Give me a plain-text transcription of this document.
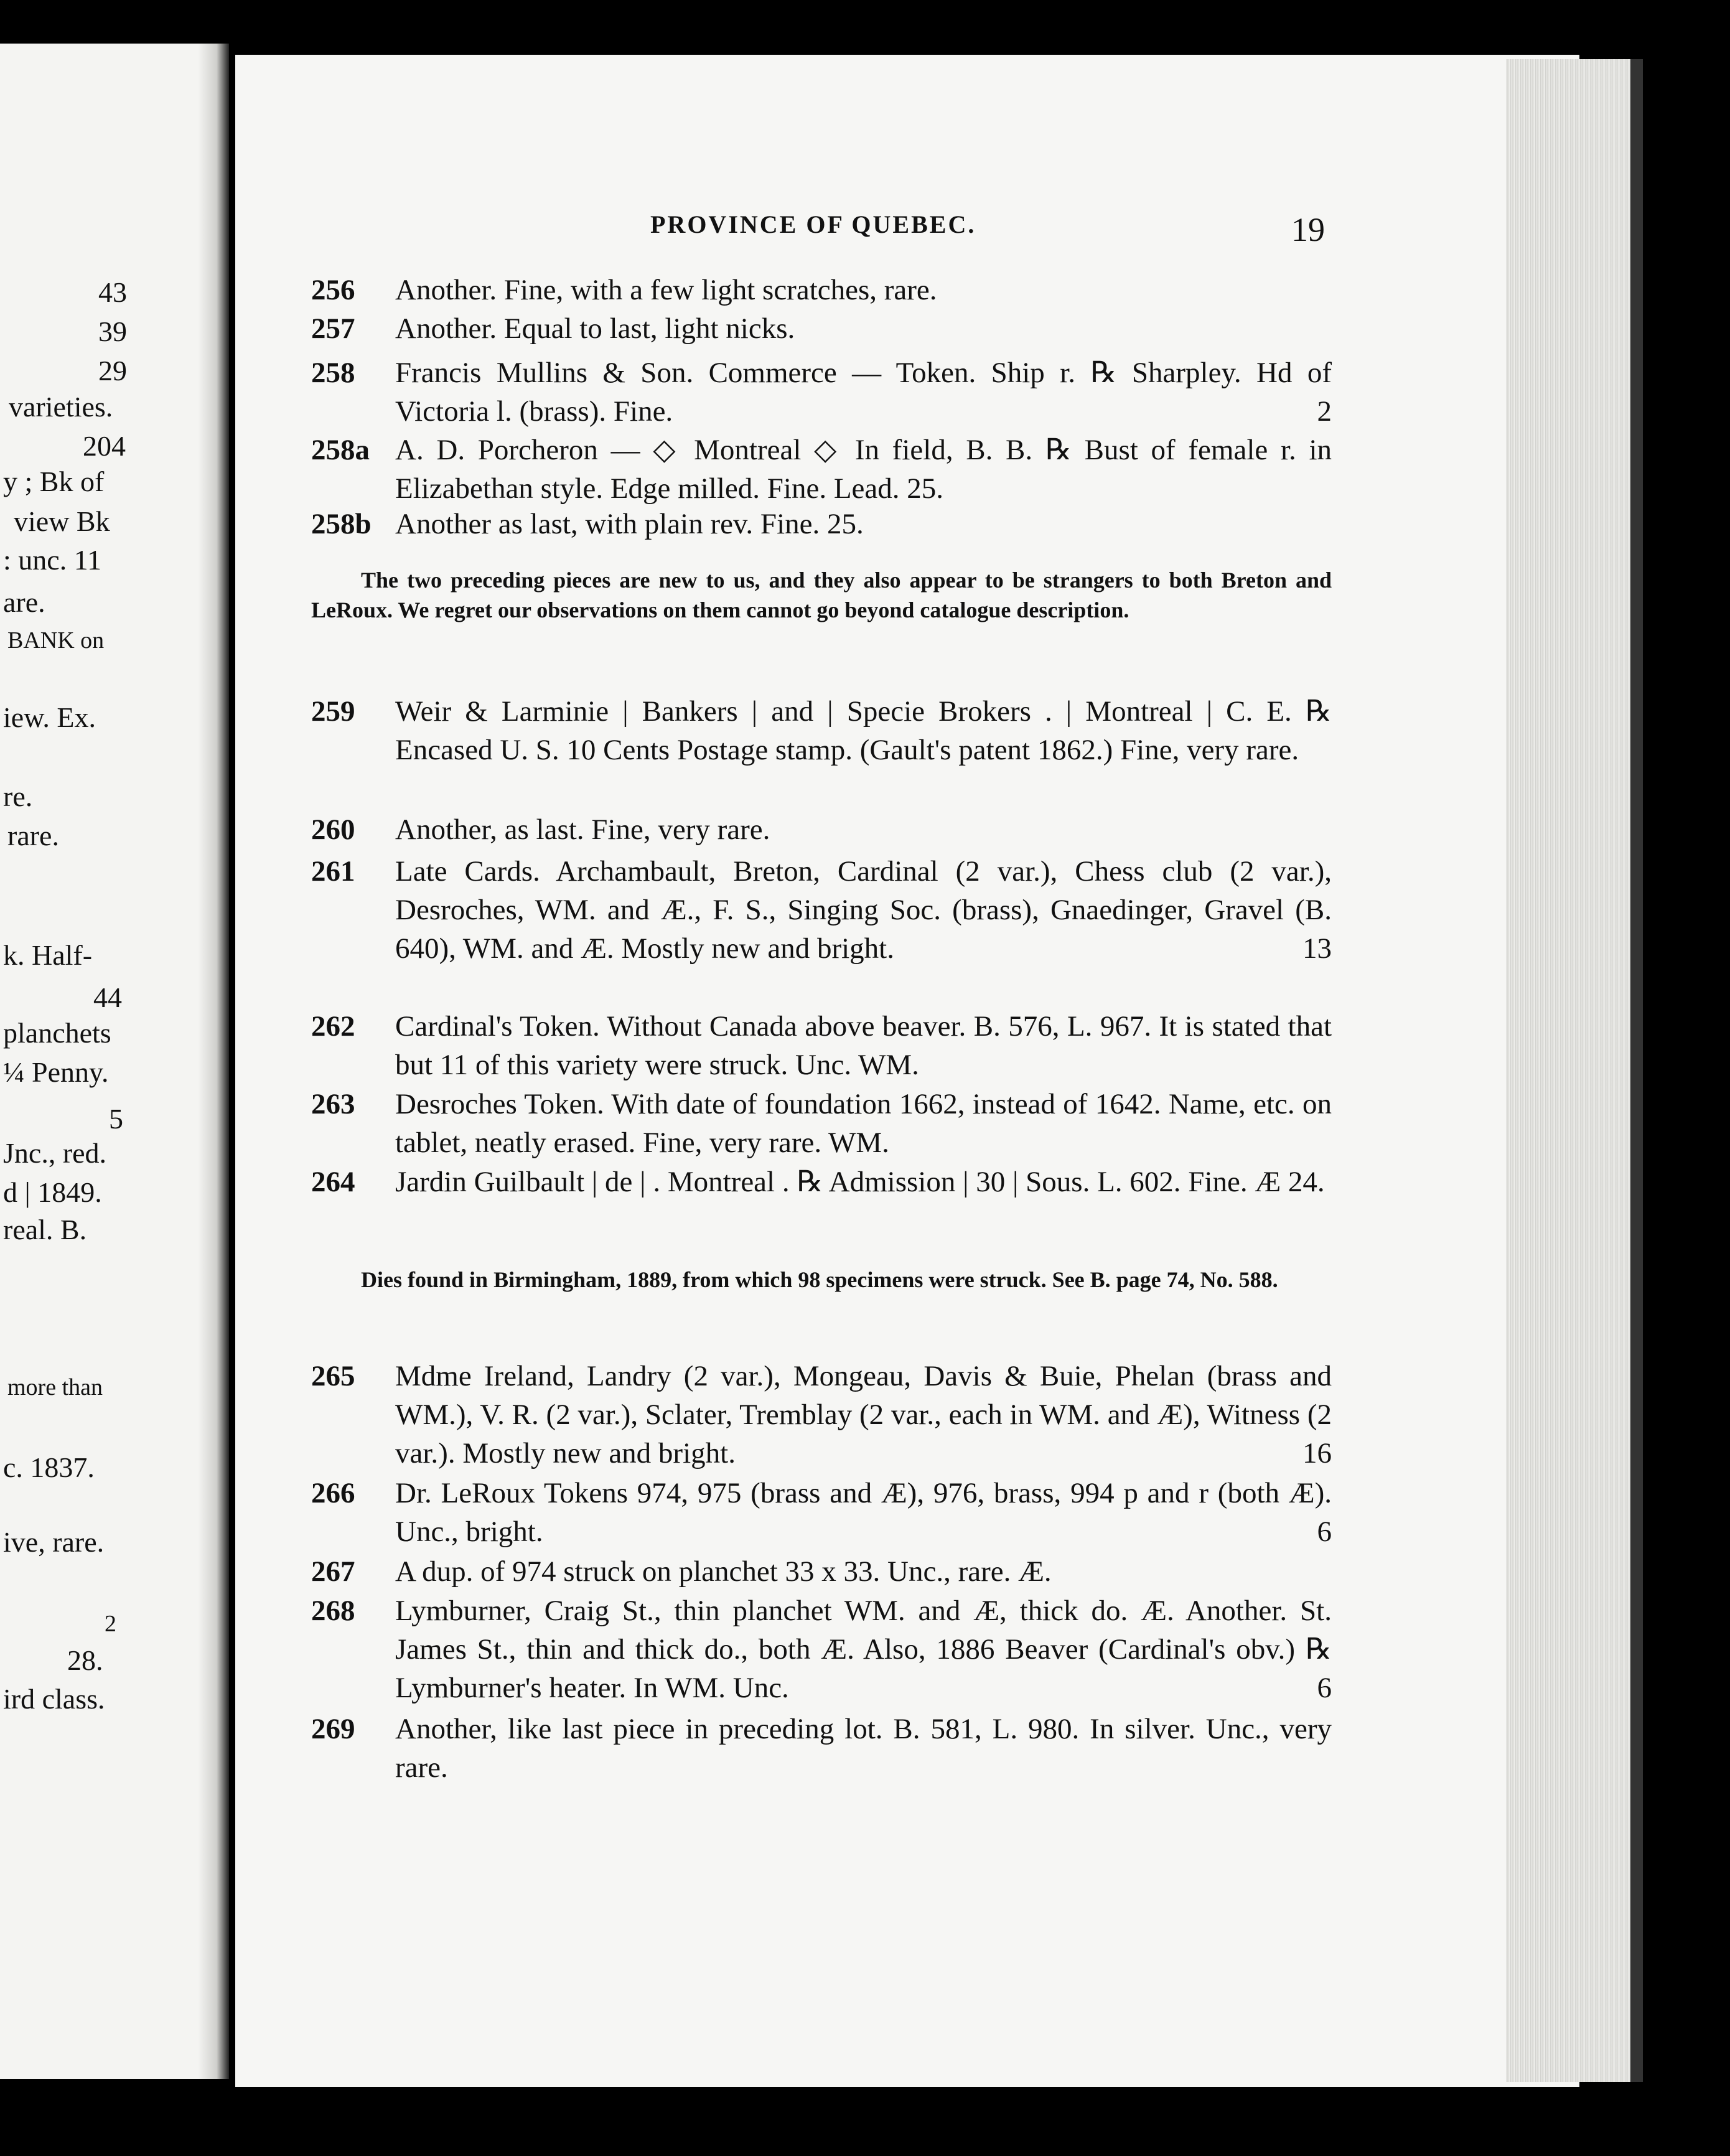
43
39
29
varieties.
204
y ; Bk of
view Bk
: unc. 11
are.
BANK on
iew. Ex.
re.
rare.
k. Half-
44
planchets
¼ Penny.
5
Jnc., red.
d | 1849.
real. B.
more than
c. 1837.
ive, rare.
2
28.
ird class.
PROVINCE OF QUEBEC.	19
256	Another. Fine, with a few light scratches, rare.
257	Another. Equal to last, light nicks.
258	Francis Mullins & Son. Commerce — Token. Ship r. ℞ Sharpley. Hd of Victoria l. (brass). Fine.	2
258a A. D. Porcheron — ◇ Montreal ◇ In field, B. B. ℞ Bust of female r. in Elizabethan style. Edge milled. Fine. Lead. 25.
258b Another as last, with plain rev. Fine. 25.
The two preceding pieces are new to us, and they also appear to be strangers to both Breton and LeRoux. We regret our observations on them cannot go beyond catalogue description.
259	Weir & Larminie | Bankers | and | Specie Brokers . | Montreal | C. E. ℞ Encased U. S. 10 Cents Postage stamp. (Gault's patent 1862.) Fine, very rare.
260	Another, as last. Fine, very rare.
261	Late Cards. Archambault, Breton, Cardinal (2 var.), Chess club (2 var.), Desroches, WM. and Æ., F. S., Singing Soc. (brass), Gnaedinger, Gravel (B. 640), WM. and Æ. Mostly new and bright.	13
262	Cardinal's Token. Without Canada above beaver. B. 576, L. 967. It is stated that but 11 of this variety were struck. Unc. WM.
263	Desroches Token. With date of foundation 1662, instead of 1642. Name, etc. on tablet, neatly erased. Fine, very rare. WM.
264	Jardin Guilbault | de | . Montreal . ℞ Admission | 30 | Sous. L. 602. Fine. Æ 24.
Dies found in Birmingham, 1889, from which 98 specimens were struck. See B. page 74, No. 588.
265	Mdme Ireland, Landry (2 var.), Mongeau, Davis & Buie, Phelan (brass and WM.), V. R. (2 var.), Sclater, Tremblay (2 var., each in WM. and Æ), Witness (2 var.). Mostly new and bright.	16
266	Dr. LeRoux Tokens 974, 975 (brass and Æ), 976, brass, 994 p and r (both Æ). Unc., bright.	6
267	A dup. of 974 struck on planchet 33 x 33. Unc., rare. Æ.
268	Lymburner, Craig St., thin planchet WM. and Æ, thick do. Æ. Another. St. James St., thin and thick do., both Æ. Also, 1886 Beaver (Cardinal's obv.) ℞ Lymburner's heater. In WM. Unc.	6
269	Another, like last piece in preceding lot. B. 581, L. 980. In silver. Unc., very rare.
